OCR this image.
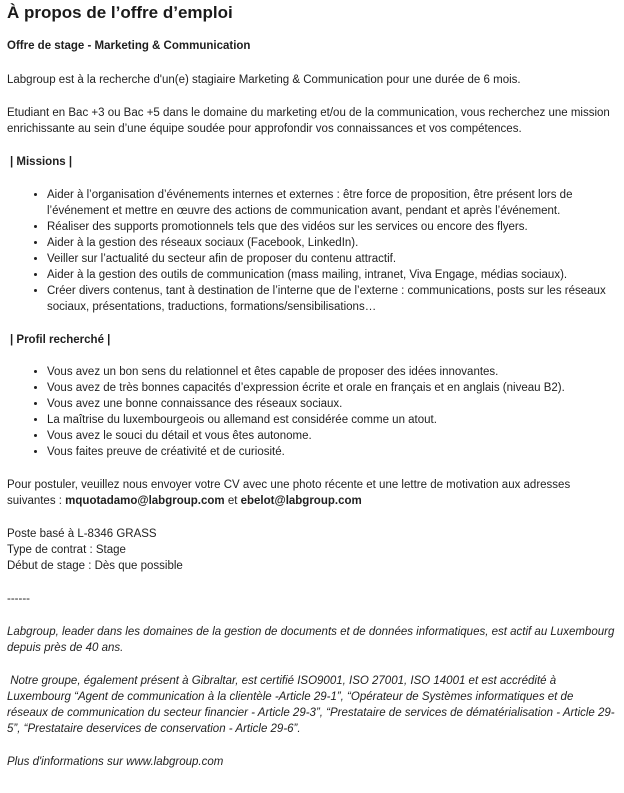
À propos de l’offre d’emploi
Offre de stage - Marketing & Communication
Labgroup est à la recherche d'un(e) stagiaire Marketing & Communication pour une durée de 6 mois.
Etudiant en Bac +3 ou Bac +5 dans le domaine du marketing et/ou de la communication, vous recherchez une mission enrichissante au sein d’une équipe soudée pour approfondir vos connaissances et vos compétences.
| Missions |
• Aider à l’organisation d’événements internes et externes : être force de proposition, être présent lors de l’événement et mettre en œuvre des actions de communication avant, pendant et après l’événement.
• Réaliser des supports promotionnels tels que des vidéos sur les services ou encore des flyers.
• Aider à la gestion des réseaux sociaux (Facebook, LinkedIn).
• Veiller sur l’actualité du secteur afin de proposer du contenu attractif.
• Aider à la gestion des outils de communication (mass mailing, intranet, Viva Engage, médias sociaux).
• Créer divers contenus, tant à destination de l’interne que de l’externe : communications, posts sur les réseaux sociaux, présentations, traductions, formations/sensibilisations…
| Profil recherché |
• Vous avez un bon sens du relationnel et êtes capable de proposer des idées innovantes.
• Vous avez de très bonnes capacités d’expression écrite et orale en français et en anglais (niveau B2).
• Vous avez une bonne connaissance des réseaux sociaux.
• La maîtrise du luxembourgeois ou allemand est considérée comme un atout.
• Vous avez le souci du détail et vous êtes autonome.
• Vous faites preuve de créativité et de curiosité.
Pour postuler, veuillez nous envoyer votre CV avec une photo récente et une lettre de motivation aux adresses suivantes : mquotadamo@labgroup.com et ebelot@labgroup.com
Poste basé à L-8346 GRASS
Type de contrat : Stage
Début de stage : Dès que possible
------
Labgroup, leader dans les domaines de la gestion de documents et de données informatiques, est actif au Luxembourg depuis près de 40 ans.
Notre groupe, également présent à Gibraltar, est certifié ISO9001, ISO 27001, ISO 14001 et est accrédité à Luxembourg “Agent de communication à la clientèle -Article 29-1”, “Opérateur de Systèmes informatiques et de réseaux de communication du secteur financier - Article 29-3”, “Prestataire de services de dématérialisation - Article 29-5”, “Prestataire deservices de conservation - Article 29-6”.
Plus d'informations sur www.labgroup.com
